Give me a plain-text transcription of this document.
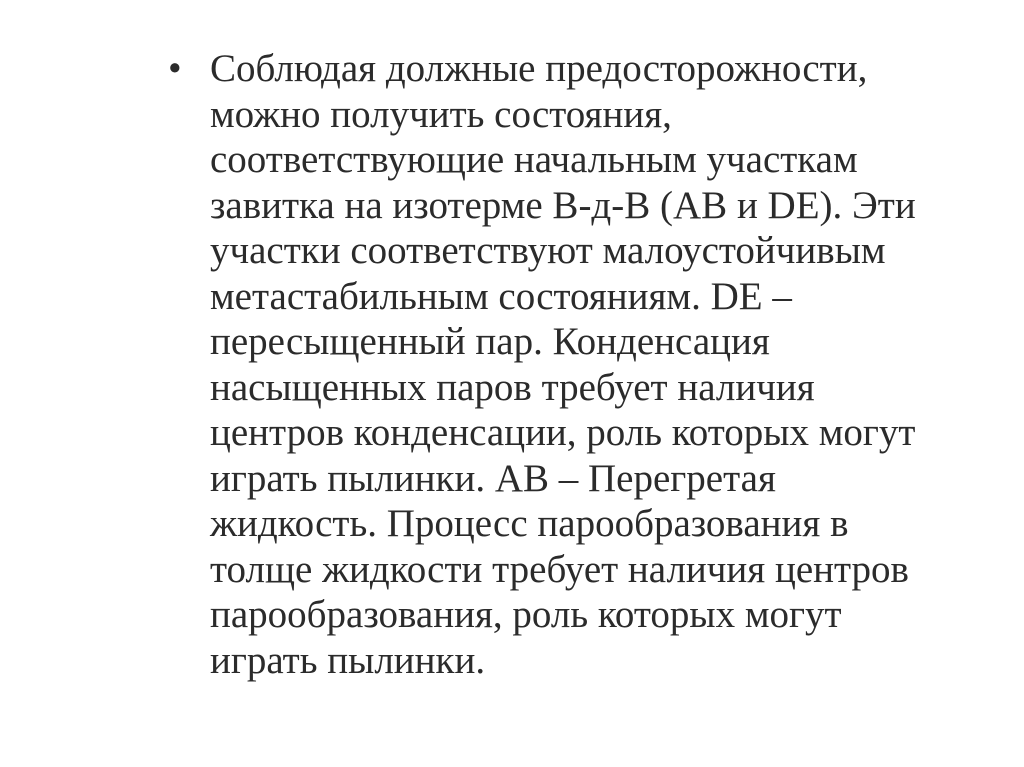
• Соблюдая должные предосторожности,
можно получить состояния,
соответствующие начальным участкам
завитка на изотерме В-д-В (АВ и DE). Эти
участки соответствуют малоустойчивым
метастабильным состояниям. DE –
пересыщенный пар. Конденсация
насыщенных паров требует наличия
центров конденсации, роль которых могут
играть пылинки. АВ – Перегретая
жидкость. Процесс парообразования в
толще жидкости требует наличия центров
парообразования, роль которых могут
играть пылинки.
